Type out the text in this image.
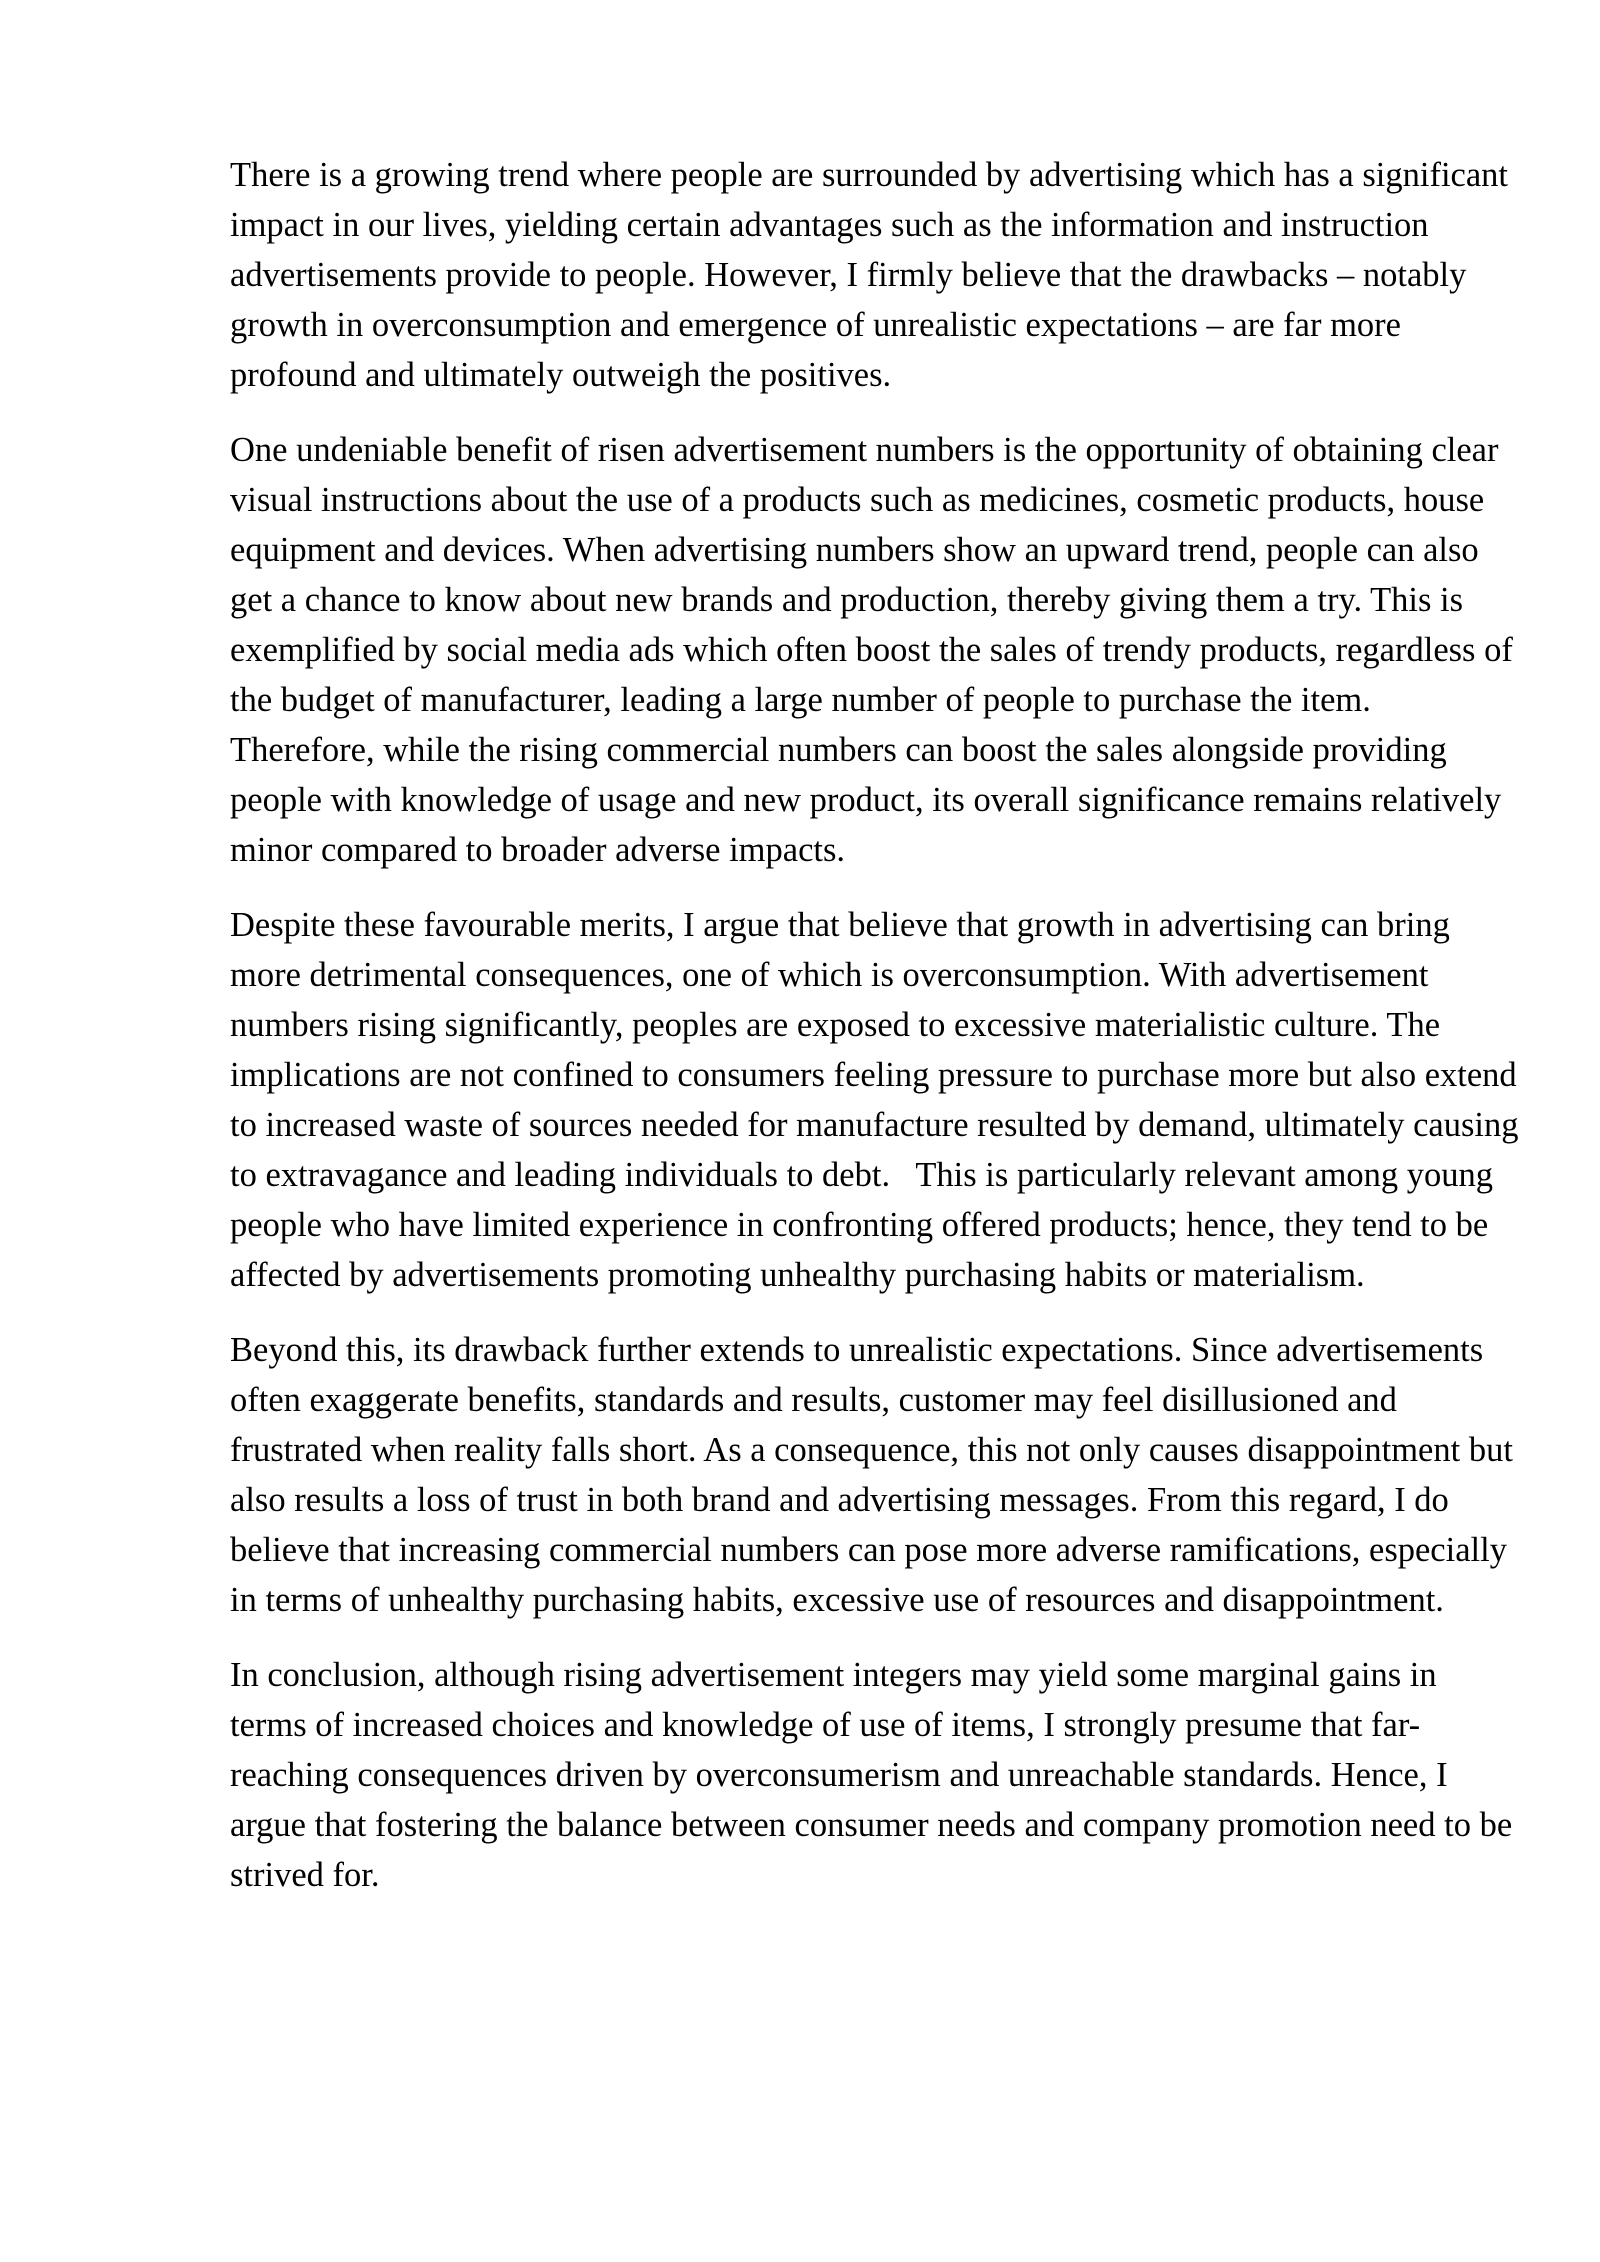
There is a growing trend where people are surrounded by advertising which has a significant impact in our lives, yielding certain advantages such as the information and instruction advertisements provide to people. However, I firmly believe that the drawbacks – notably growth in overconsumption and emergence of unrealistic expectations – are far more profound and ultimately outweigh the positives.

One undeniable benefit of risen advertisement numbers is the opportunity of obtaining clear visual instructions about the use of a products such as medicines, cosmetic products, house equipment and devices. When advertising numbers show an upward trend, people can also get a chance to know about new brands and production, thereby giving them a try. This is exemplified by social media ads which often boost the sales of trendy products, regardless of the budget of manufacturer, leading a large number of people to purchase the item. Therefore, while the rising commercial numbers can boost the sales alongside providing people with knowledge of usage and new product, its overall significance remains relatively minor compared to broader adverse impacts.

Despite these favourable merits, I argue that believe that growth in advertising can bring more detrimental consequences, one of which is overconsumption. With advertisement numbers rising significantly, peoples are exposed to excessive materialistic culture. The implications are not confined to consumers feeling pressure to purchase more but also extend to increased waste of sources needed for manufacture resulted by demand, ultimately causing to extravagance and leading individuals to debt.   This is particularly relevant among young people who have limited experience in confronting offered products; hence, they tend to be affected by advertisements promoting unhealthy purchasing habits or materialism.

Beyond this, its drawback further extends to unrealistic expectations. Since advertisements often exaggerate benefits, standards and results, customer may feel disillusioned and frustrated when reality falls short. As a consequence, this not only causes disappointment but also results a loss of trust in both brand and advertising messages. From this regard, I do believe that increasing commercial numbers can pose more adverse ramifications, especially in terms of unhealthy purchasing habits, excessive use of resources and disappointment.

In conclusion, although rising advertisement integers may yield some marginal gains in terms of increased choices and knowledge of use of items, I strongly presume that far-reaching consequences driven by overconsumerism and unreachable standards. Hence, I argue that fostering the balance between consumer needs and company promotion need to be strived for.
